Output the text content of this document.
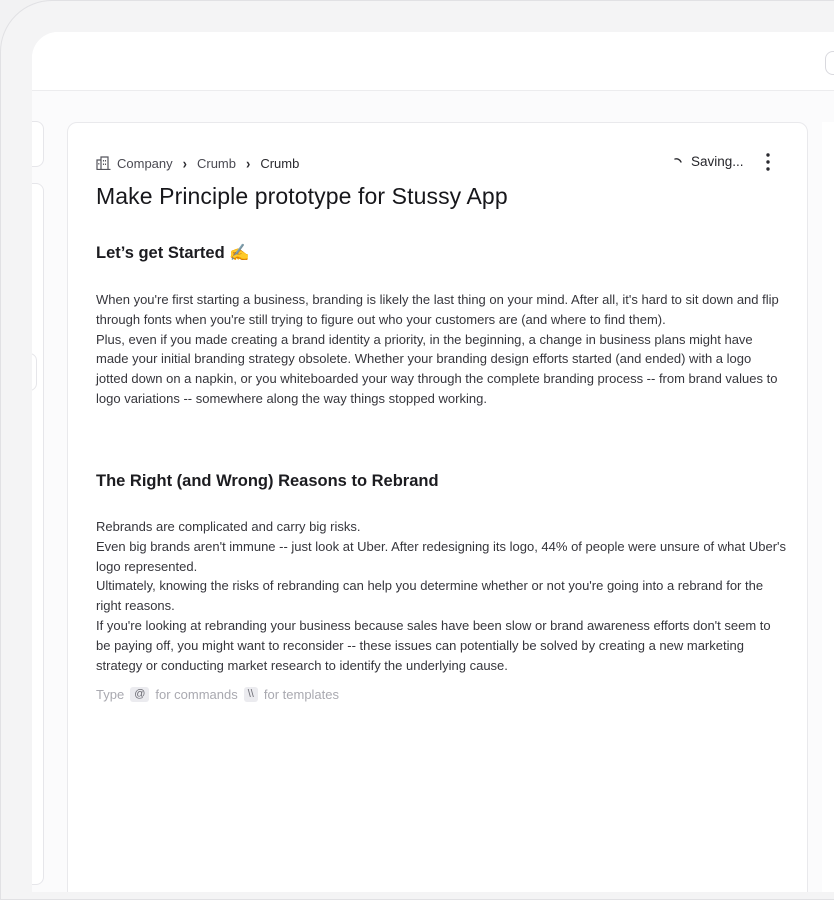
Company › Crumb › Crumb	Saving...
Make Principle prototype for Stussy App
Let’s get Started ✍️

When you're first starting a business, branding is likely the last thing on your mind. After all, it's hard to sit down and flip through fonts when you're still trying to figure out who your customers are (and where to find them).

Plus, even if you made creating a brand identity a priority, in the beginning, a change in business plans might have made your initial branding strategy obsolete. Whether your branding design efforts started (and ended) with a logo jotted down on a napkin, or you whiteboarded your way through the complete branding process -- from brand values to logo variations -- somewhere along the way things stopped working.

The Right (and Wrong) Reasons to Rebrand

Rebrands are complicated and carry big risks.

Even big brands aren't immune -- just look at Uber. After redesigning its logo, 44% of people were unsure of what Uber's logo represented.

Ultimately, knowing the risks of rebranding can help you determine whether or not you're going into a rebrand for the right reasons.

If you're looking at rebranding your business because sales have been slow or brand awareness efforts don't seem to be paying off, you might want to reconsider -- these issues can potentially be solved by creating a new marketing strategy or conducting market research to identify the underlying cause.

Type @ for commands \\ for templates
